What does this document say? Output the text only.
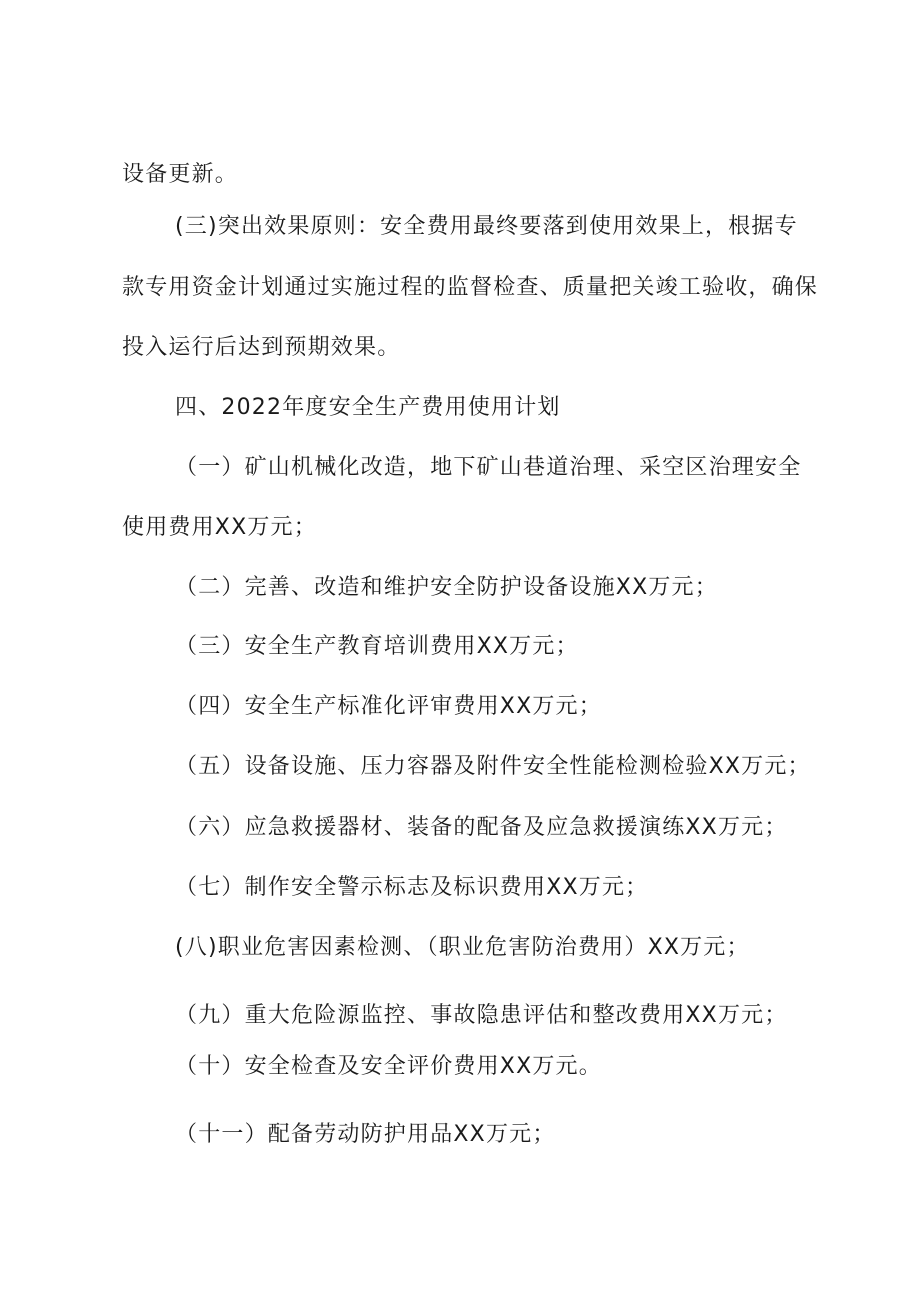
设备更新。
(三)突出效果原则：安全费用最终要落到使用效果上，根据专
款专用资金计划通过实施过程的监督检查、质量把关竣工验收，确保
投入运行后达到预期效果。
四、2022年度安全生产费用使用计划
（一）矿山机械化改造，地下矿山巷道治理、采空区治理安全
使用费用XX万元；
（二）完善、改造和维护安全防护设备设施XX万元；
（三）安全生产教育培训费用XX万元；
（四）安全生产标准化评审费用XX万元；
（五）设备设施、压力容器及附件安全性能检测检验XX万元；
（六）应急救援器材、装备的配备及应急救援演练XX万元；
（七）制作安全警示标志及标识费用XX万元；
(八)职业危害因素检测、（职业危害防治费用）XX万元；
（九）重大危险源监控、事故隐患评估和整改费用XX万元；
（十）安全检查及安全评价费用XX万元。
（十一）配备劳动防护用品XX万元；
